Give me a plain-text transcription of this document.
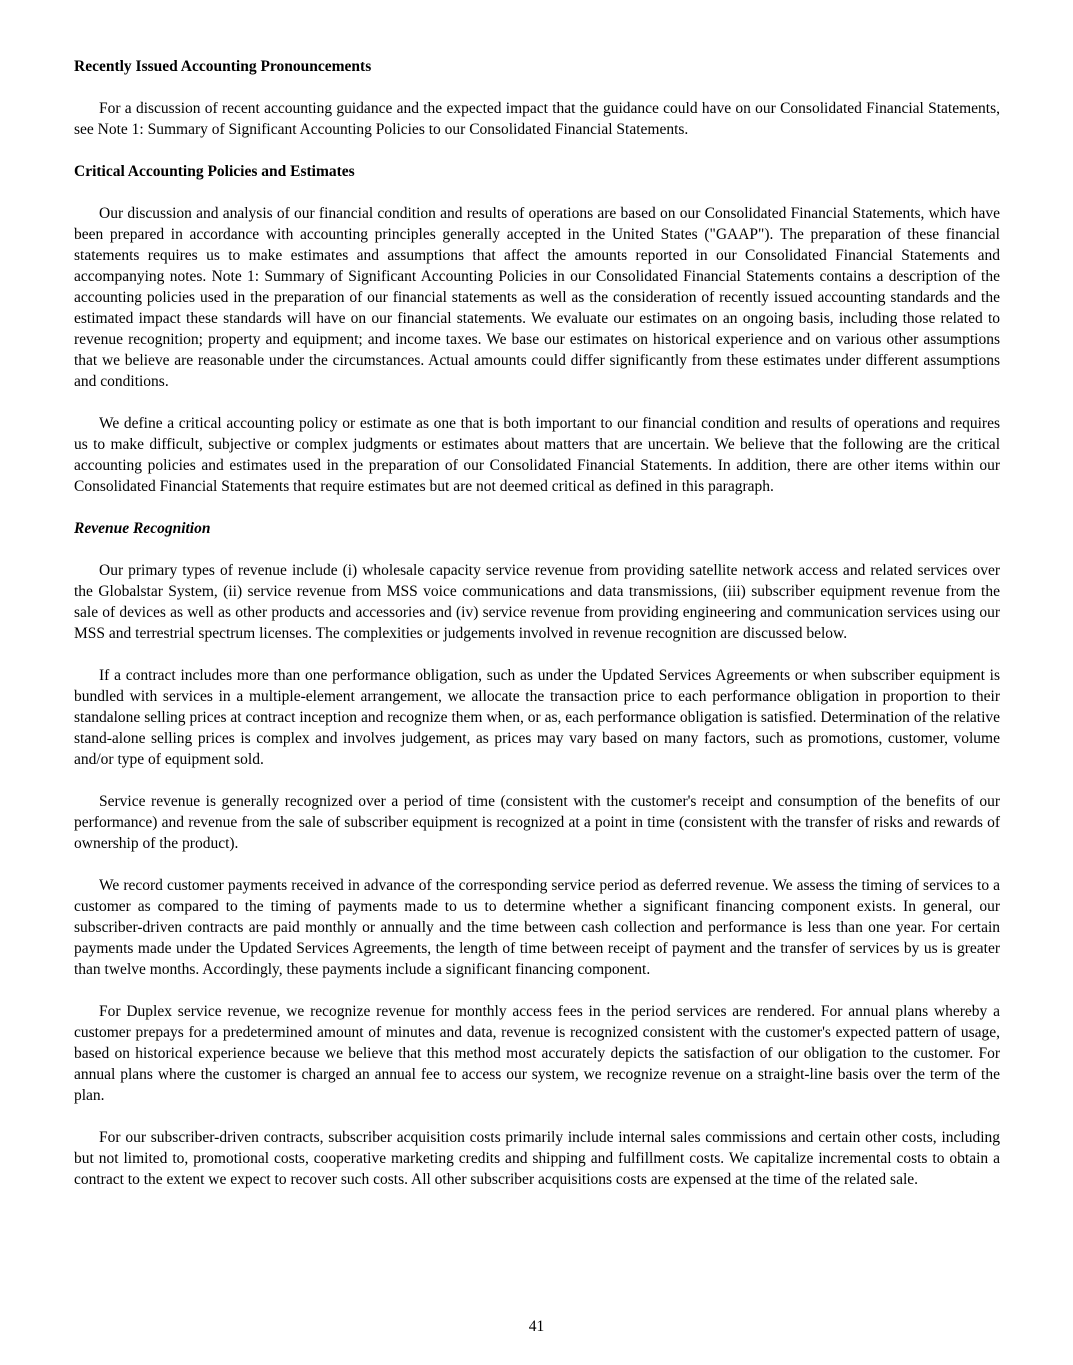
Recently Issued Accounting Pronouncements

For a discussion of recent accounting guidance and the expected impact that the guidance could have on our Consolidated Financial Statements, see Note 1: Summary of Significant Accounting Policies to our Consolidated Financial Statements.

Critical Accounting Policies and Estimates

Our discussion and analysis of our financial condition and results of operations are based on our Consolidated Financial Statements, which have been prepared in accordance with accounting principles generally accepted in the United States ("GAAP"). The preparation of these financial statements requires us to make estimates and assumptions that affect the amounts reported in our Consolidated Financial Statements and accompanying notes. Note 1: Summary of Significant Accounting Policies in our Consolidated Financial Statements contains a description of the accounting policies used in the preparation of our financial statements as well as the consideration of recently issued accounting standards and the estimated impact these standards will have on our financial statements. We evaluate our estimates on an ongoing basis, including those related to revenue recognition; property and equipment; and income taxes. We base our estimates on historical experience and on various other assumptions that we believe are reasonable under the circumstances. Actual amounts could differ significantly from these estimates under different assumptions and conditions.

We define a critical accounting policy or estimate as one that is both important to our financial condition and results of operations and requires us to make difficult, subjective or complex judgments or estimates about matters that are uncertain. We believe that the following are the critical accounting policies and estimates used in the preparation of our Consolidated Financial Statements. In addition, there are other items within our Consolidated Financial Statements that require estimates but are not deemed critical as defined in this paragraph.

Revenue Recognition

Our primary types of revenue include (i) wholesale capacity service revenue from providing satellite network access and related services over the Globalstar System, (ii) service revenue from MSS voice communications and data transmissions, (iii) subscriber equipment revenue from the sale of devices as well as other products and accessories and (iv) service revenue from providing engineering and communication services using our MSS and terrestrial spectrum licenses. The complexities or judgements involved in revenue recognition are discussed below.

If a contract includes more than one performance obligation, such as under the Updated Services Agreements or when subscriber equipment is bundled with services in a multiple-element arrangement, we allocate the transaction price to each performance obligation in proportion to their standalone selling prices at contract inception and recognize them when, or as, each performance obligation is satisfied. Determination of the relative stand-alone selling prices is complex and involves judgement, as prices may vary based on many factors, such as promotions, customer, volume and/or type of equipment sold.

Service revenue is generally recognized over a period of time (consistent with the customer's receipt and consumption of the benefits of our performance) and revenue from the sale of subscriber equipment is recognized at a point in time (consistent with the transfer of risks and rewards of ownership of the product).

We record customer payments received in advance of the corresponding service period as deferred revenue. We assess the timing of services to a customer as compared to the timing of payments made to us to determine whether a significant financing component exists. In general, our subscriber-driven contracts are paid monthly or annually and the time between cash collection and performance is less than one year. For certain payments made under the Updated Services Agreements, the length of time between receipt of payment and the transfer of services by us is greater than twelve months. Accordingly, these payments include a significant financing component.

For Duplex service revenue, we recognize revenue for monthly access fees in the period services are rendered. For annual plans whereby a customer prepays for a predetermined amount of minutes and data, revenue is recognized consistent with the customer's expected pattern of usage, based on historical experience because we believe that this method most accurately depicts the satisfaction of our obligation to the customer. For annual plans where the customer is charged an annual fee to access our system, we recognize revenue on a straight-line basis over the term of the plan.

For our subscriber-driven contracts, subscriber acquisition costs primarily include internal sales commissions and certain other costs, including but not limited to, promotional costs, cooperative marketing credits and shipping and fulfillment costs. We capitalize incremental costs to obtain a contract to the extent we expect to recover such costs. All other subscriber acquisitions costs are expensed at the time of the related sale.

41
